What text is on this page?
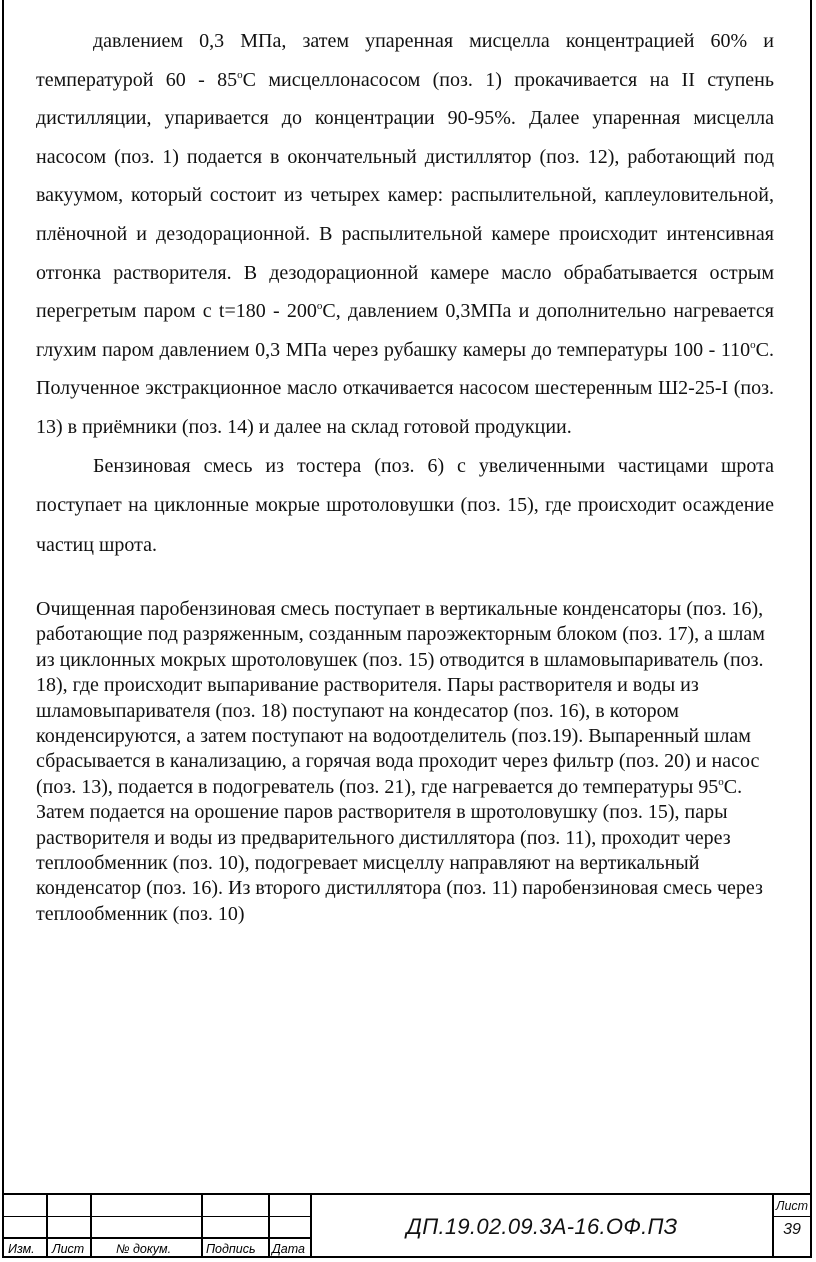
давлением 0,3 МПа, затем упаренная мисцелла концентрацией 60% и температурой $60 - 85^оС$ мисцеллонасосом (поз. 1) прокачивается на II ступень дистилляции, упаривается до концентрации 90-95%. Далее упаренная мисцелла насосом (поз. 1) подается в окончательный дистиллятор (поз. 12), работающий под вакуумом, который состоит из четырех камер: распылительной, каплеуловительной, плёночной и дезодорационной. В распылительной камере происходит интенсивная отгонка растворителя. В дезодорационной камере масло обрабатывается острым перегретым паром с $t=180 - 200^оС$, давлением 0,3МПа и дополнительно нагревается глухим паром давлением 0,3 МПа через рубашку камеры до температуры $100 - 110^оС$. Полученное экстракционное масло откачивается насосом шестеренным Ш2-25-I (поз. 13) в приёмники (поз. 14) и далее на склад готовой продукции.

Бензиновая смесь из тостера (поз. 6) с увеличенными частицами шрота поступает на циклонные мокрые шротоловушки (поз. 15), где происходит осаждение частиц шрота.

Очищенная паробензиновая смесь поступает в вертикальные конденсаторы (поз. 16), работающие под разряженным, созданным пароэжекторным блоком (поз. 17), а шлам из циклонных мокрых шротоловушек (поз. 15) отводится в шламовыпариватель (поз. 18), где происходит выпаривание растворителя. Пары растворителя и воды из шламовыпаривателя (поз. 18) поступают на кондесатор (поз. 16), в котором конденсируются, а затем поступают на водоотделитель (поз.19). Выпаренный шлам сбрасывается в канализацию, а горячая вода проходит через фильтр (поз. 20) и насос (поз. 13), подается в подогреватель (поз. 21), где нагревается до температуры $95^оС$. Затем подается на орошение паров растворителя в шротоловушку (поз. 15), пары растворителя и воды из предварительного дистиллятора (поз. 11), проходит через теплообменник (поз. 10), подогревает мисцеллу направляют на вертикальный конденсатор (поз. 16). Из второго дистиллятора (поз. 11) паробензиновая смесь через теплообменник (поз. 10)

Изм. Лист	№ докум.	Подпись Дата
ДП.19.02.09.3А-16.ОФ.ПЗ
Лист
39
